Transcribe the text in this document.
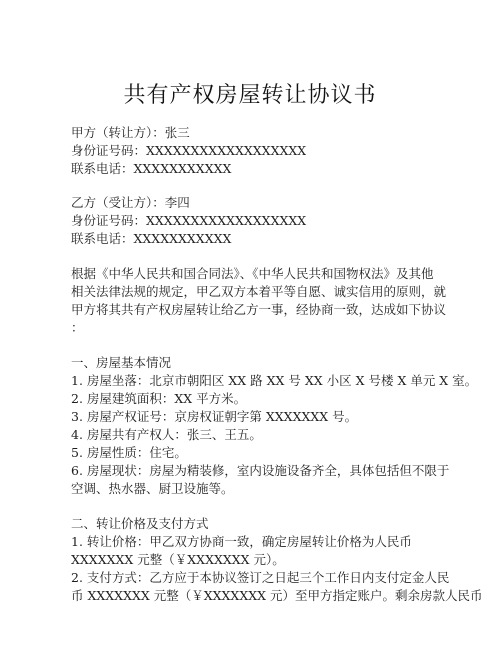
共有产权房屋转让协议书
甲方（转让方）：张三
身份证号码：XXXXXXXXXXXXXXXXXX
联系电话：XXXXXXXXXXX
乙方（受让方）：李四
身份证号码：XXXXXXXXXXXXXXXXXX
联系电话：XXXXXXXXXXX
根据《中华人民共和国合同法》、《中华人民共和国物权法》及其他
相关法律法规的规定，甲乙双方本着平等自愿、诚实信用的原则，就
甲方将其共有产权房屋转让给乙方一事，经协商一致，达成如下协议
：
一、房屋基本情况
1. 房屋坐落：北京市朝阳区 XX 路 XX 号 XX 小区 X 号楼 X 单元 X 室。
2. 房屋建筑面积：XX 平方米。
3. 房屋产权证号：京房权证朝字第 XXXXXXX 号。
4. 房屋共有产权人：张三、王五。
5. 房屋性质：住宅。
6. 房屋现状：房屋为精装修，室内设施设备齐全，具体包括但不限于
空调、热水器、厨卫设施等。
二、转让价格及支付方式
1. 转让价格：甲乙双方协商一致，确定房屋转让价格为人民币
XXXXXXX 元整（￥XXXXXXX 元）。
2. 支付方式：乙方应于本协议签订之日起三个工作日内支付定金人民
币 XXXXXXX 元整（￥XXXXXXX 元）至甲方指定账户。剩余房款人民币
